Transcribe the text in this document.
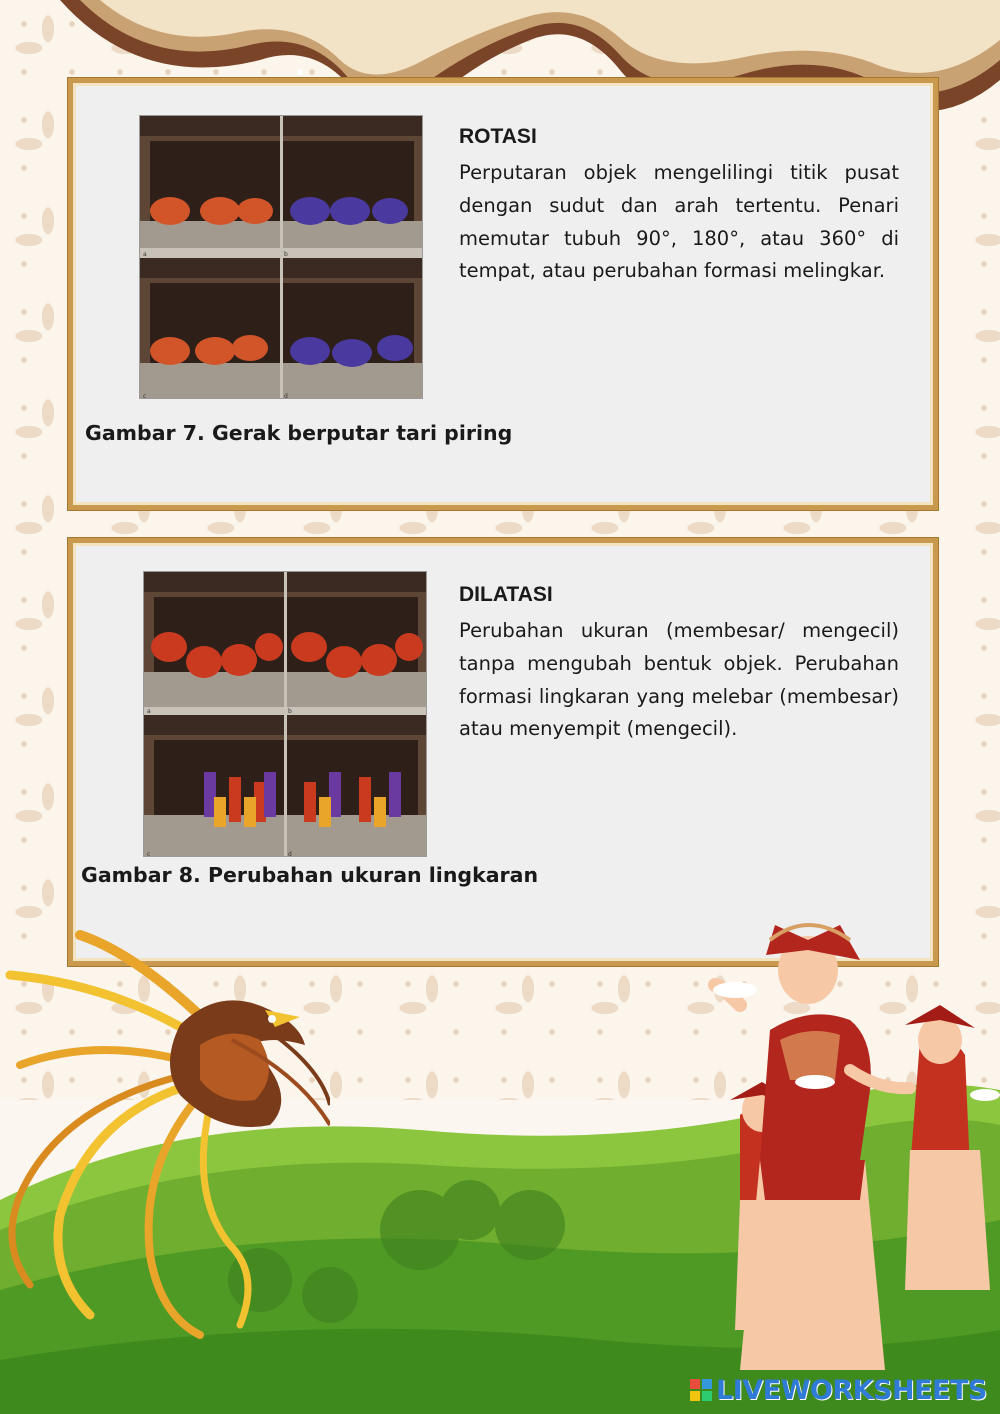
a	b
c	d
ROTASI
Perputaran objek mengelilingi titik pusat dengan sudut dan arah tertentu. Penari memutar tubuh 90°, 180°, atau 360° di tempat, atau perubahan formasi melingkar.
Gambar 7. Gerak berputar tari piring
a	b
c	d
DILATASI
Perubahan ukuran (membesar/ mengecil) tanpa mengubah bentuk objek. Perubahan formasi lingkaran yang melebar (membesar) atau menyempit (mengecil).
Gambar 8. Perubahan ukuran lingkaran
LIVEWORKSHEETS
